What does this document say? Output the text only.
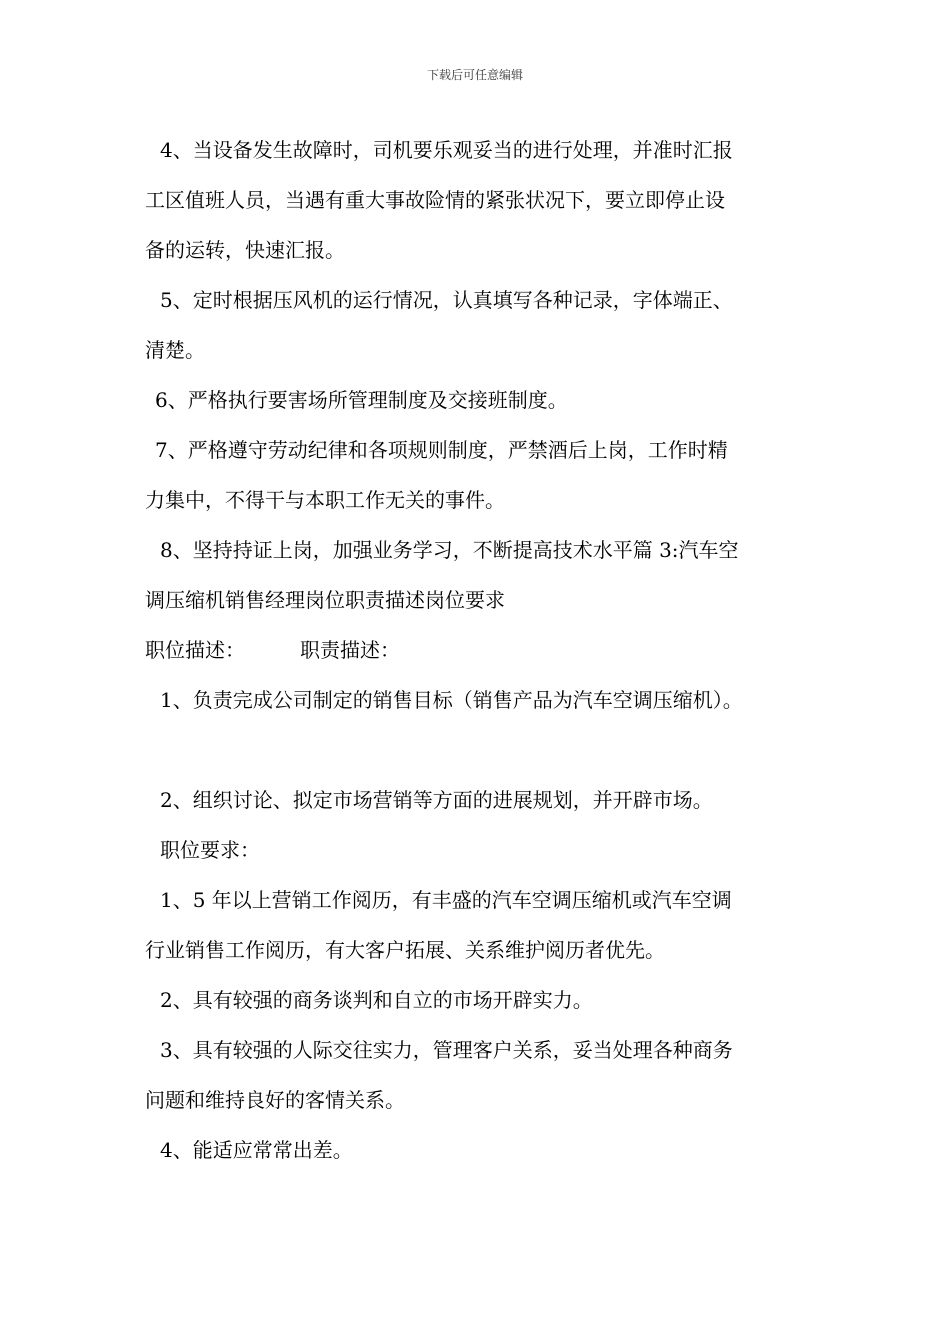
下载后可任意编辑
4、当设备发生故障时，司机要乐观妥当的进行处理，并准时汇报
工区值班人员，当遇有重大事故险情的紧张状况下，要立即停止设
备的运转，快速汇报。
5、定时根据压风机的运行情况，认真填写各种记录，字体端正、
清楚。
6、严格执行要害场所管理制度及交接班制度。
7、严格遵守劳动纪律和各项规则制度，严禁酒后上岗，工作时精
力集中，不得干与本职工作无关的事件。
8、坚持持证上岗，加强业务学习，不断提高技术水平篇 3:汽车空
调压缩机销售经理岗位职责描述岗位要求
职位描述：	职责描述：
1、负责完成公司制定的销售目标（销售产品为汽车空调压缩机）。
2、组织讨论、拟定市场营销等方面的进展规划，并开辟市场。
职位要求：
1、5 年以上营销工作阅历，有丰盛的汽车空调压缩机或汽车空调
行业销售工作阅历，有大客户拓展、关系维护阅历者优先。
2、具有较强的商务谈判和自立的市场开辟实力。
3、具有较强的人际交往实力，管理客户关系，妥当处理各种商务
问题和维持良好的客情关系。
4、能适应常常出差。
